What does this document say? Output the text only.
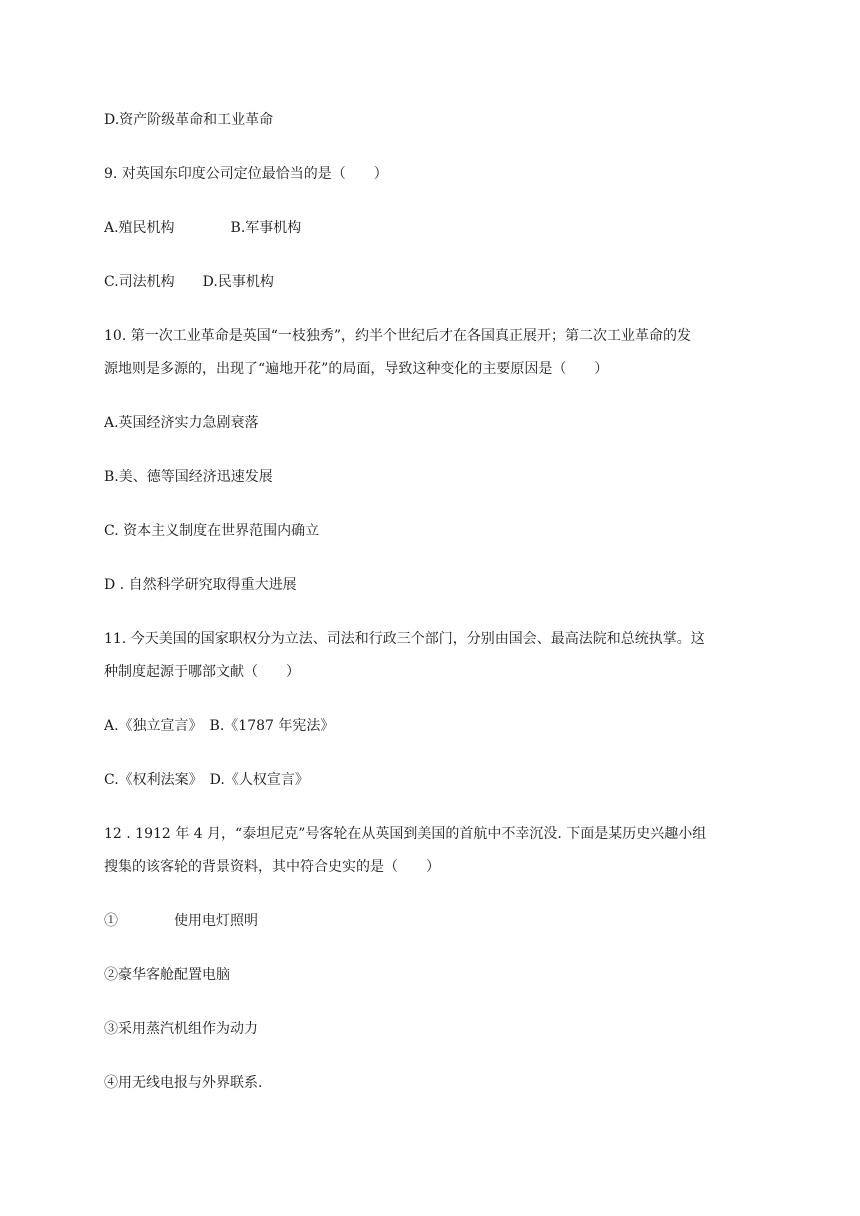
D.资产阶级革命和工业革命
9. 对英国东印度公司定位最恰当的是（　　）
A.殖民机构　　　　B.军事机构
C.司法机构　　D.民事机构
10. 第一次工业革命是英国“一枝独秀”，约半个世纪后才在各国真正展开；第二次工业革命的发
源地则是多源的，出现了“遍地开花”的局面，导致这种变化的主要原因是（　　）
A.英国经济实力急剧衰落
B.美、德等国经济迅速发展
C. 资本主义制度在世界范围内确立
D . 自然科学研究取得重大进展
11. 今天美国的国家职权分为立法、司法和行政三个部门，分别由国会、最高法院和总统执掌。这
种制度起源于哪部文献（　　）
A.《独立宣言》　B.《1787 年宪法》
C.《权利法案》　D.《人权宣言》
12 . 1912 年 4 月，“泰坦尼克”号客轮在从英国到美国的首航中不幸沉没. 下面是某历史兴趣小组
搜集的该客轮的背景资料，其中符合史实的是（　　）
①　　　　使用电灯照明
②豪华客舱配置电脑
③采用蒸汽机组作为动力
④用无线电报与外界联系.
